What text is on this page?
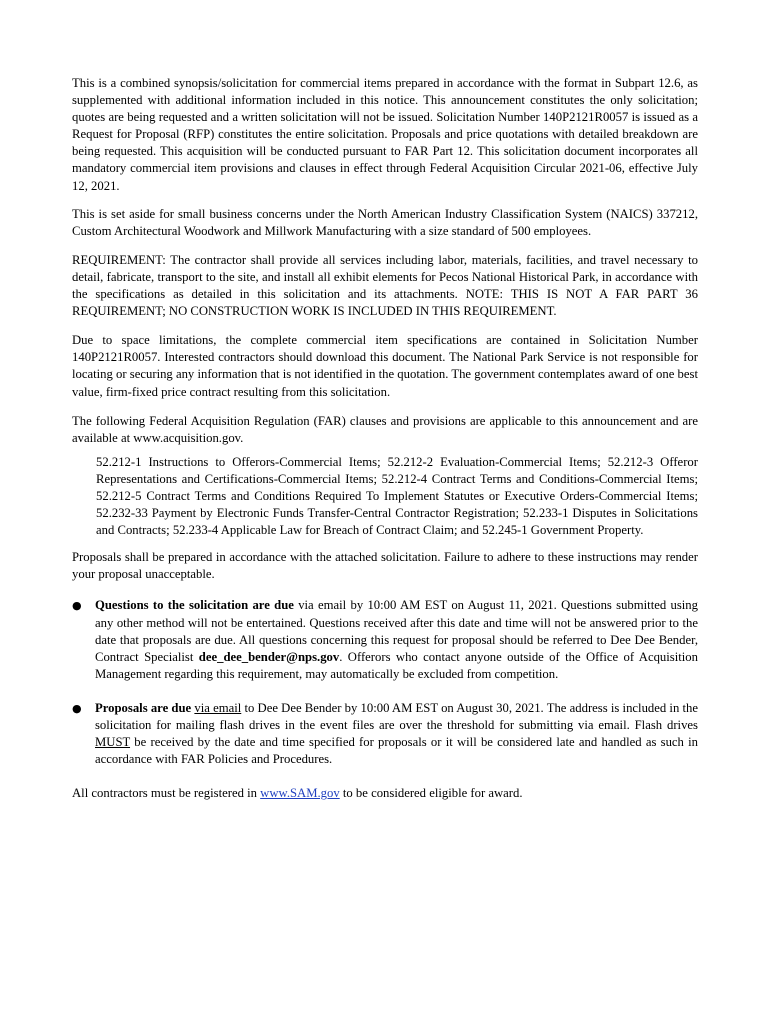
This is a combined synopsis/solicitation for commercial items prepared in accordance with the format in Subpart 12.6, as supplemented with additional information included in this notice. This announcement constitutes the only solicitation; quotes are being requested and a written solicitation will not be issued. Solicitation Number 140P2121R0057 is issued as a Request for Proposal (RFP) constitutes the entire solicitation. Proposals and price quotations with detailed breakdown are being requested. This acquisition will be conducted pursuant to FAR Part 12. This solicitation document incorporates all mandatory commercial item provisions and clauses in effect through Federal Acquisition Circular 2021-06, effective July 12, 2021.

This is set aside for small business concerns under the North American Industry Classification System (NAICS) 337212, Custom Architectural Woodwork and Millwork Manufacturing with a size standard of 500 employees.

REQUIREMENT: The contractor shall provide all services including labor, materials, facilities, and travel necessary to detail, fabricate, transport to the site, and install all exhibit elements for Pecos National Historical Park, in accordance with the specifications as detailed in this solicitation and its attachments. NOTE: THIS IS NOT A FAR PART 36 REQUIREMENT; NO CONSTRUCTION WORK IS INCLUDED IN THIS REQUIREMENT.

Due to space limitations, the complete commercial item specifications are contained in Solicitation Number 140P2121R0057. Interested contractors should download this document. The National Park Service is not responsible for locating or securing any information that is not identified in the quotation. The government contemplates award of one best value, firm-fixed price contract resulting from this solicitation.

The following Federal Acquisition Regulation (FAR) clauses and provisions are applicable to this announcement and are available at www.acquisition.gov.

52.212-1 Instructions to Offerors-Commercial Items; 52.212-2 Evaluation-Commercial Items; 52.212-3 Offeror Representations and Certifications-Commercial Items; 52.212-4 Contract Terms and Conditions-Commercial Items; 52.212-5 Contract Terms and Conditions Required To Implement Statutes or Executive Orders-Commercial Items; 52.232-33 Payment by Electronic Funds Transfer-Central Contractor Registration; 52.233-1 Disputes in Solicitations and Contracts; 52.233-4 Applicable Law for Breach of Contract Claim; and 52.245-1 Government Property.

Proposals shall be prepared in accordance with the attached solicitation. Failure to adhere to these instructions may render your proposal unacceptable.

● Questions to the solicitation are due via email by 10:00 AM EST on August 11, 2021. Questions submitted using any other method will not be entertained. Questions received after this date and time will not be answered prior to the date that proposals are due. All questions concerning this request for proposal should be referred to Dee Dee Bender, Contract Specialist dee_dee_bender@nps.gov. Offerors who contact anyone outside of the Office of Acquisition Management regarding this requirement, may automatically be excluded from competition.
● Proposals are due via email to Dee Dee Bender by 10:00 AM EST on August 30, 2021. The address is included in the solicitation for mailing flash drives in the event files are over the threshold for submitting via email. Flash drives MUST be received by the date and time specified for proposals or it will be considered late and handled as such in accordance with FAR Policies and Procedures.

All contractors must be registered in www.SAM.gov to be considered eligible for award.
